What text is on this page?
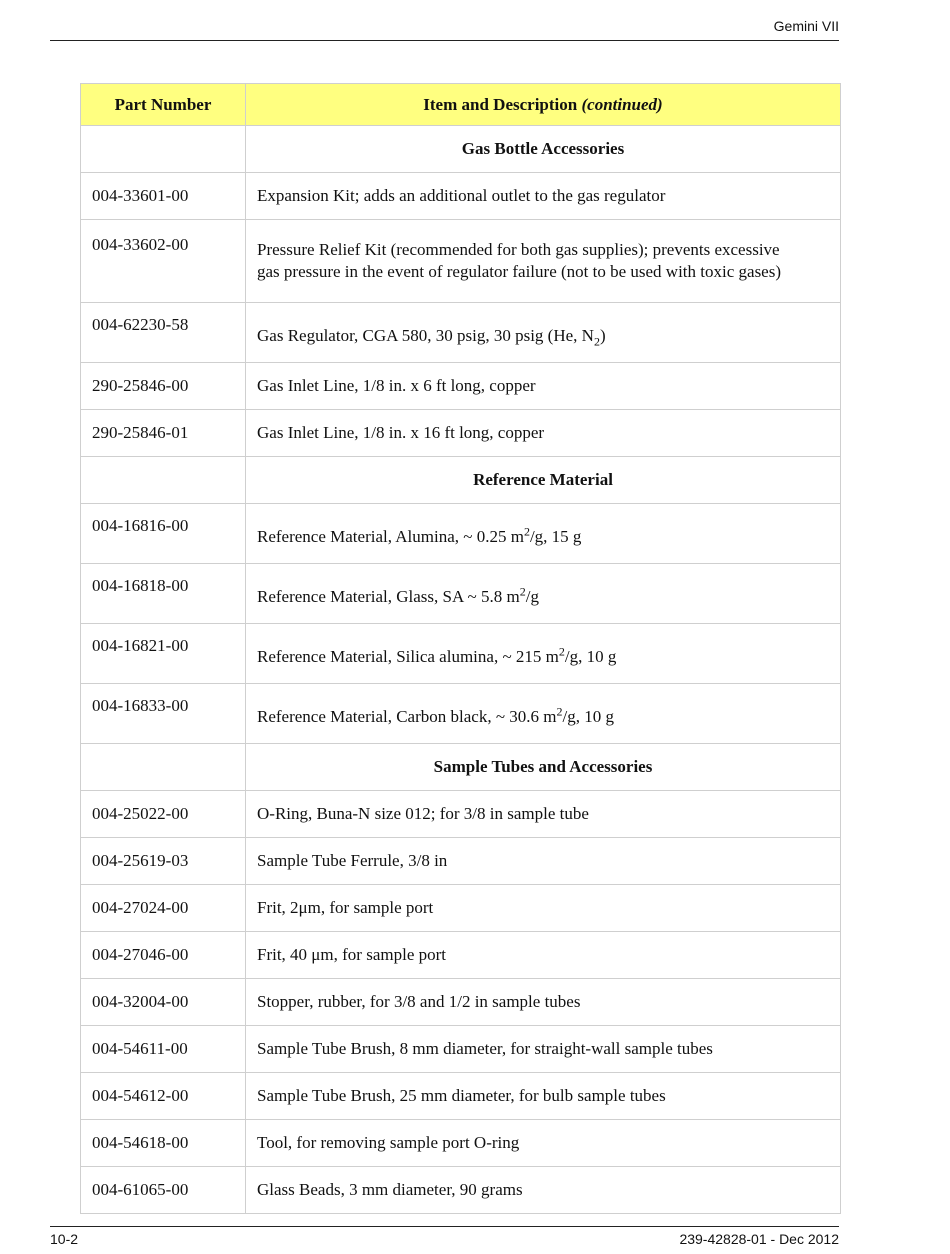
Gemini VII
Part Number	Item and Description (continued)
	Gas Bottle Accessories
004-33601-00	Expansion Kit; adds an additional outlet to the gas regulator
004-33602-00	Pressure Relief Kit (recommended for both gas supplies); prevents excessive
gas pressure in the event of regulator failure (not to be used with toxic gases)
004-62230-58	Gas Regulator, CGA 580, 30 psig, 30 psig (He, $N_2$)
290-25846-00	Gas Inlet Line, 1/8 in. x 6 ft long, copper
290-25846-01	Gas Inlet Line, 1/8 in. x 16 ft long, copper
	Reference Material
004-16816-00	Reference Material, Alumina, ~ 0.25 $m^2/g$, 15 g
004-16818-00	Reference Material, Glass, SA ~ 5.8 $m^2/g$
004-16821-00	Reference Material, Silica alumina, ~ 215 $m^2/g$, 10 g
004-16833-00	Reference Material, Carbon black, ~ 30.6 $m^2/g$, 10 g
	Sample Tubes and Accessories
004-25022-00	O-Ring, Buna-N size 012; for 3/8 in sample tube
004-25619-03	Sample Tube Ferrule, 3/8 in
004-27024-00	Frit, 2μm, for sample port
004-27046-00	Frit, 40 μm, for sample port
004-32004-00	Stopper, rubber, for 3/8 and 1/2 in sample tubes
004-54611-00	Sample Tube Brush, 8 mm diameter, for straight-wall sample tubes
004-54612-00	Sample Tube Brush, 25 mm diameter, for bulb sample tubes
004-54618-00	Tool, for removing sample port O-ring
004-61065-00	Glass Beads, 3 mm diameter, 90 grams
10-2	239-42828-01 - Dec 2012
